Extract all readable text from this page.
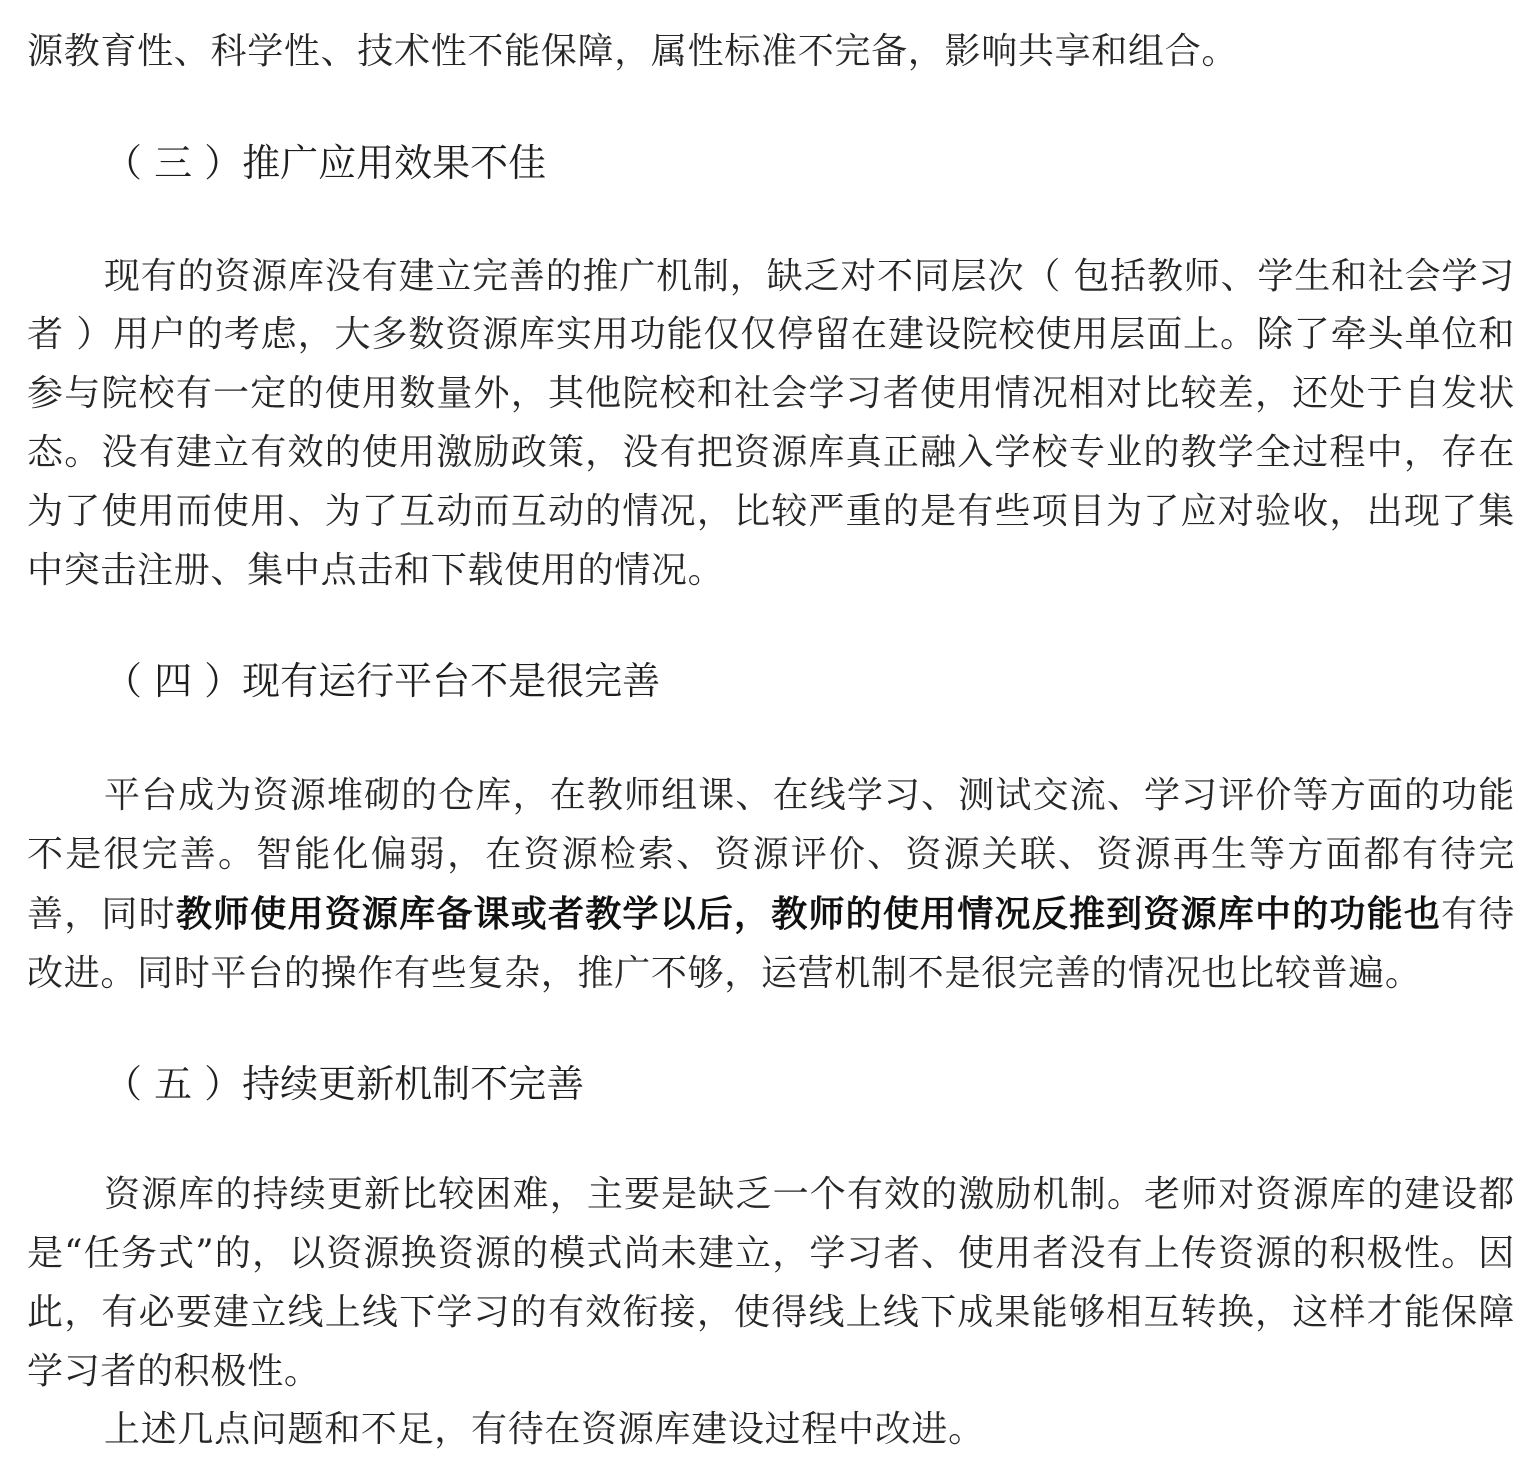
源教育性、科学性、技术性不能保障，属性标准不完备，影响共享和组合。

（ 三 ）推广应用效果不佳

现有的资源库没有建立完善的推广机制，缺乏对不同层次（ 包括教师、学生和社会学习者 ）用户的考虑，大多数资源库实用功能仅仅停留在建设院校使用层面上。除了牵头单位和参与院校有一定的使用数量外，其他院校和社会学习者使用情况相对比较差，还处于自发状态。没有建立有效的使用激励政策，没有把资源库真正融入学校专业的教学全过程中，存在为了使用而使用、为了互动而互动的情况，比较严重的是有些项目为了应对验收，出现了集中突击注册、集中点击和下载使用的情况。

（ 四 ）现有运行平台不是很完善

平台成为资源堆砌的仓库，在教师组课、在线学习、测试交流、学习评价等方面的功能不是很完善。智能化偏弱，在资源检索、资源评价、资源关联、资源再生等方面都有待完善，同时教师使用资源库备课或者教学以后，教师的使用情况反推到资源库中的功能也有待改进。同时平台的操作有些复杂，推广不够，运营机制不是很完善的情况也比较普遍。

（ 五 ）持续更新机制不完善

资源库的持续更新比较困难，主要是缺乏一个有效的激励机制。老师对资源库的建设都是“任务式”的，以资源换资源的模式尚未建立，学习者、使用者没有上传资源的积极性。因此，有必要建立线上线下学习的有效衔接，使得线上线下成果能够相互转换，这样才能保障学习者的积极性。

上述几点问题和不足，有待在资源库建设过程中改进。
